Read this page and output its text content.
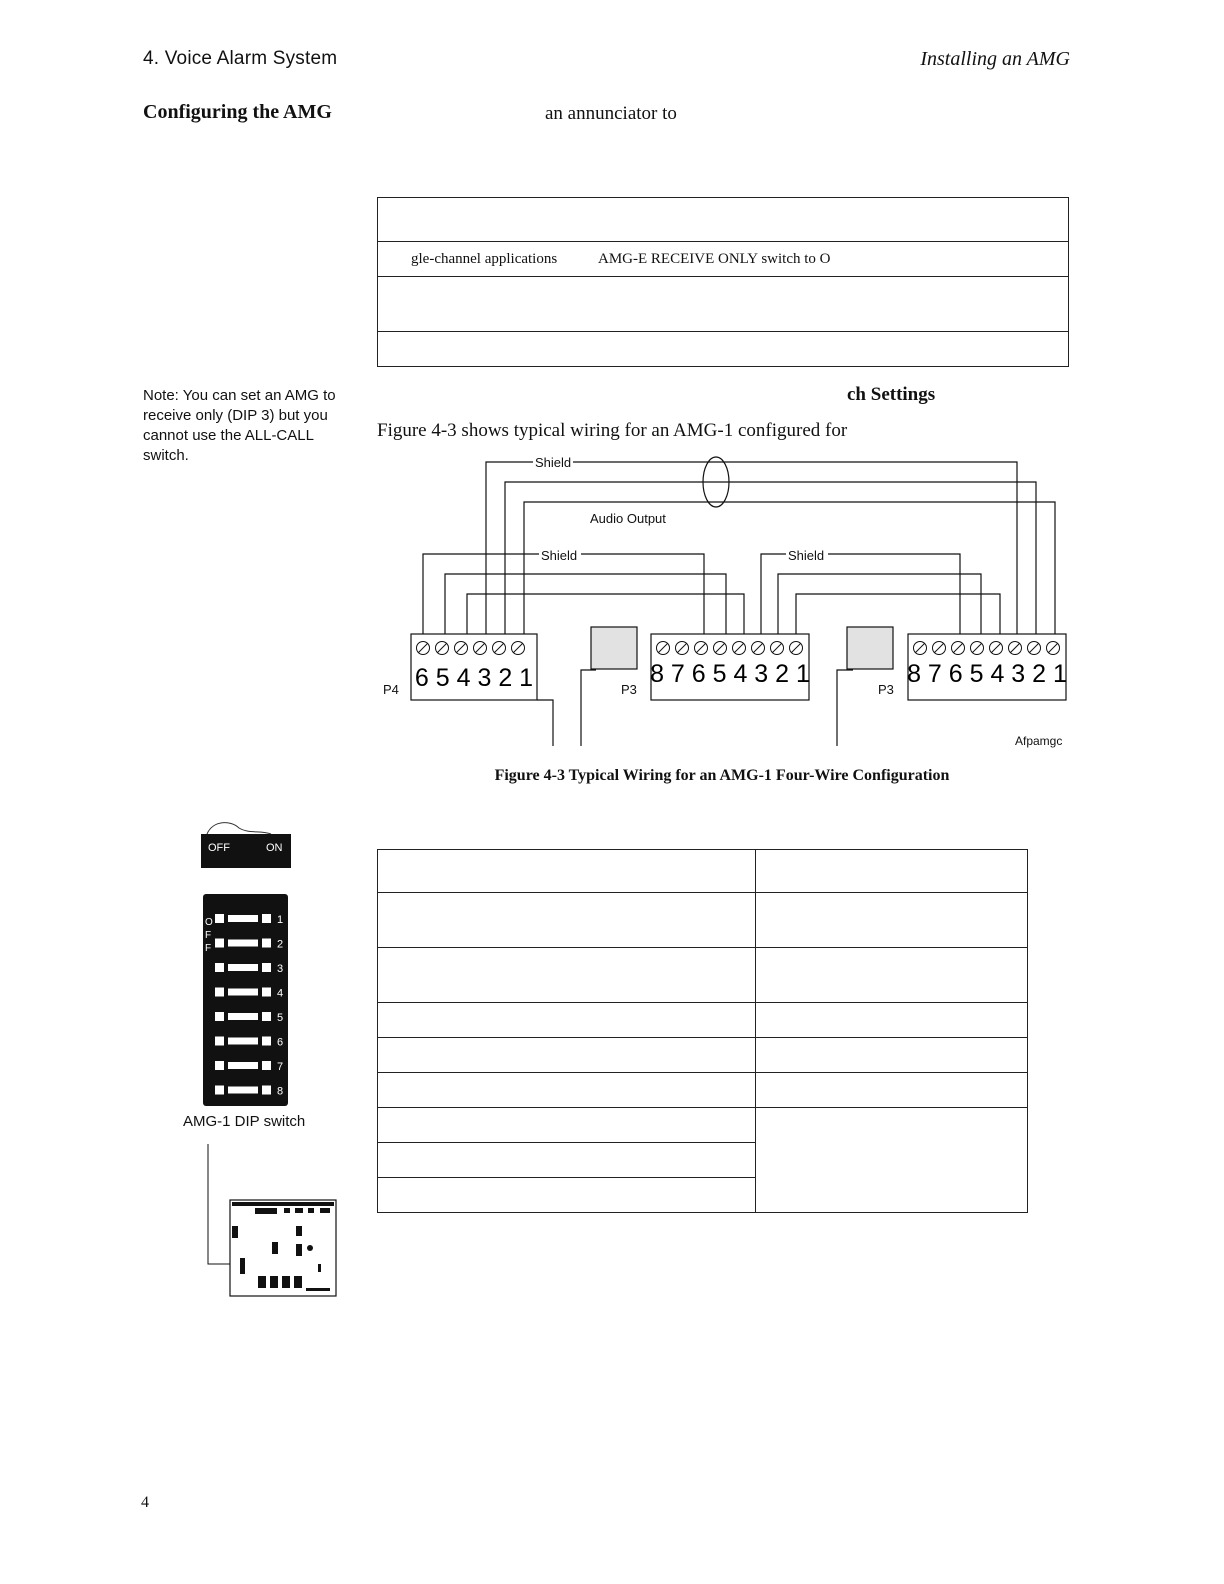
4. Voice Alarm System	Installing an AMG
Configuring the AMG	an annunciator to

gle-channel applications	AMG-E RECEIVE ONLY switch to O

Note: You can set an AMG to receive only (DIP 3) but you cannot use the ALL-CALL switch.
ch Settings
Figure 4-3 shows typical wiring for an AMG-1 configured for
6 5 4 3 2 1	8 7 6 5 4 3 2 1	8 7 6 5 4 3 2 1
Shield
Audio Output
Shield	Shield
P4	P3	P3
Afpamgc
Figure 4-3 Typical Wiring for an AMG-1 Four-Wire Configuration

OFF	ON
O
F
F
1
2
3
4
5
6
7
8
AMG-1 DIP switch
4
